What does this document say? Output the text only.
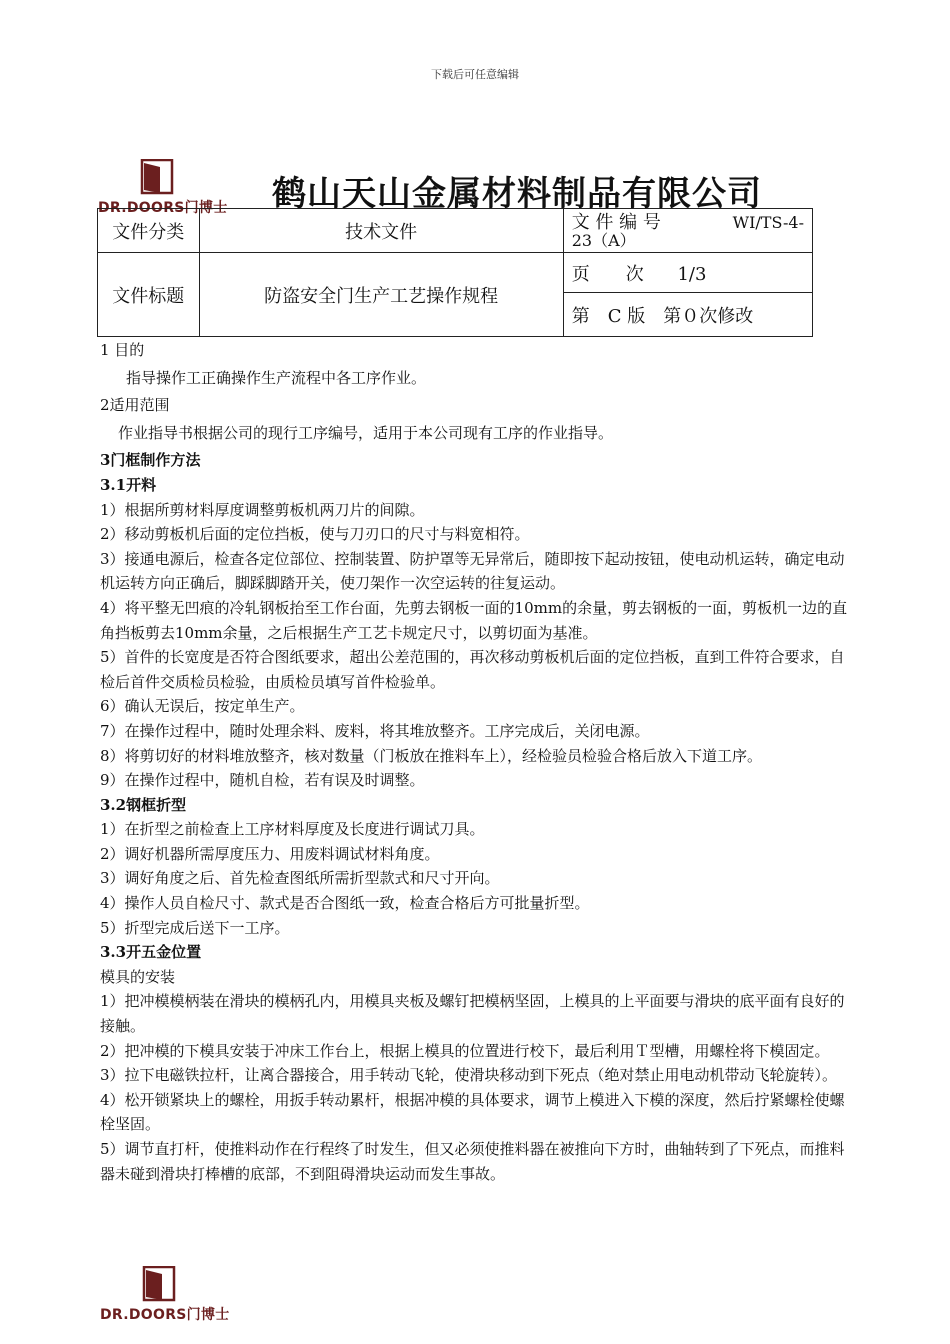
下载后可任意编辑
DR.DOORS门博士 鹤山天山金属材料制品有限公司
文件分类	技术文件	文 件 编 号 WI/TS-4-
23（A）

文件标题	防盗安全门生产工艺操作规程	页　　次 1/3
		第　C 版　第０次修改

1 目的

指导操作工正确操作生产流程中各工序作业。

2适用范围

作业指导书根据公司的现行工序编号，适用于本公司现有工序的作业指导。

3门框制作方法

3.1开料

1）根据所剪材料厚度调整剪板机两刀片的间隙。

2）移动剪板机后面的定位挡板，使与刀刃口的尺寸与料宽相符。

3）接通电源后，检查各定位部位、控制装置、防护罩等无异常后，随即按下起动按钮，使电动机运转，确定电动机运转方向正确后，脚踩脚踏开关，使刀架作一次空运转的往复运动。

4）将平整无凹痕的冷轧钢板抬至工作台面，先剪去钢板一面的10mm的余量，剪去钢板的一面，剪板机一边的直角挡板剪去10mm余量，之后根据生产工艺卡规定尺寸，以剪切面为基准。

5）首件的长宽度是否符合图纸要求，超出公差范围的，再次移动剪板机后面的定位挡板，直到工件符合要求，自检后首件交质检员检验，由质检员填写首件检验单。

6）确认无误后，按定单生产。

7）在操作过程中，随时处理余料、废料，将其堆放整齐。工序完成后，关闭电源。

8）将剪切好的材料堆放整齐，核对数量（门板放在推料车上），经检验员检验合格后放入下道工序。

9）在操作过程中，随机自检，若有误及时调整。

3.2钢框折型

1）在折型之前检查上工序材料厚度及长度进行调试刀具。

2）调好机器所需厚度压力、用废料调试材料角度。

3）调好角度之后、首先检查图纸所需折型款式和尺寸开向。

4）操作人员自检尺寸、款式是否合图纸一致，检查合格后方可批量折型。

5）折型完成后送下一工序。

3.3开五金位置

模具的安装

1）把冲模模柄装在滑块的模柄孔内，用模具夹板及螺钉把模柄坚固，上模具的上平面要与滑块的底平面有良好的接触。

2）把冲模的下模具安装于冲床工作台上，根据上模具的位置进行校下，最后利用Ｔ型槽，用螺栓将下模固定。

3）拉下电磁铁拉杆，让离合器接合，用手转动飞轮，使滑块移动到下死点（绝对禁止用电动机带动飞轮旋转）。

4）松开锁紧块上的螺栓，用扳手转动累杆，根据冲模的具体要求，调节上模进入下模的深度，然后拧紧螺栓使螺栓坚固。

5）调节直打杆，使推料动作在行程终了时发生，但又必须使推料器在被推向下方时，曲轴转到了下死点，而推料器未碰到滑块打棒槽的底部，不到阻碍滑块运动而发生事故。

DR.DOORS门博士
